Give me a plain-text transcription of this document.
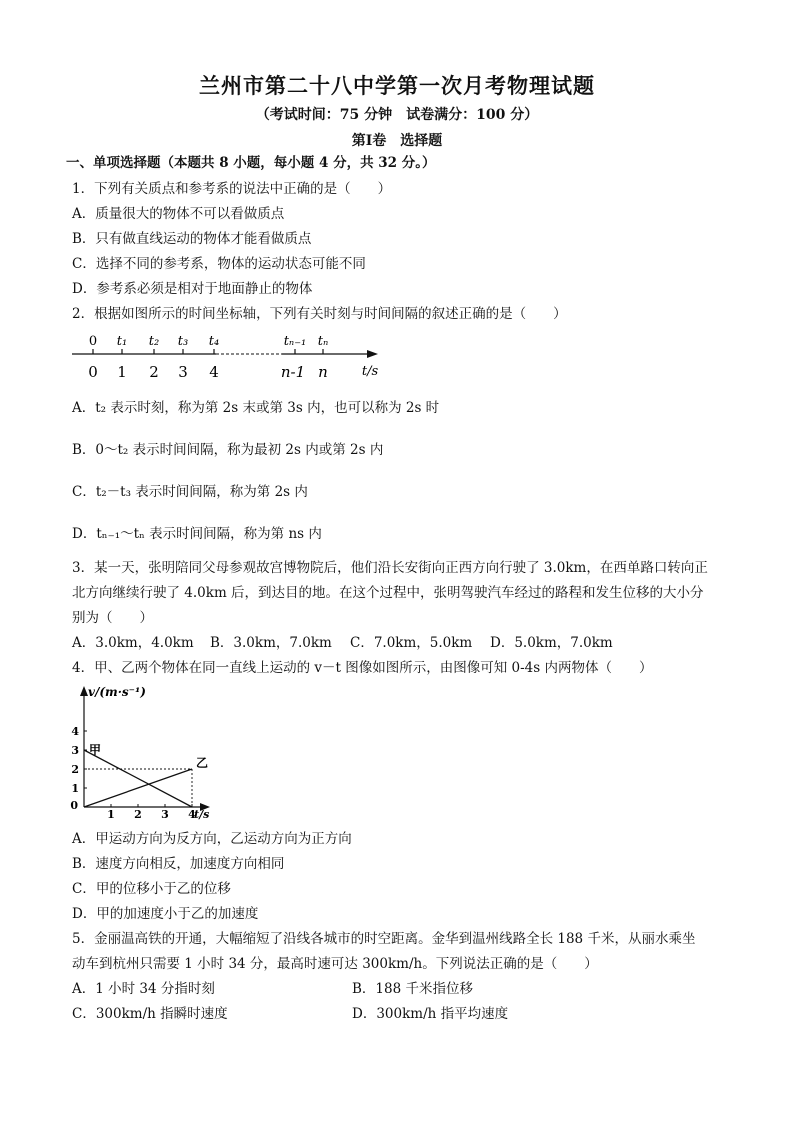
兰州市第二十八中学第一次月考物理试题
（考试时间：75 分钟　试卷满分：100 分）
第Ⅰ卷　选择题
一、单项选择题（本题共 8 小题，每小题 4 分，共 32 分。）
1．下列有关质点和参考系的说法中正确的是（　　）
A．质量很大的物体不可以看做质点
B．只有做直线运动的物体才能看做质点
C．选择不同的参考系，物体的运动状态可能不同
D．参考系必须是相对于地面静止的物体
2．根据如图所示的时间坐标轴，下列有关时刻与时间间隔的叙述正确的是（　　）
0 t₁ t₂ t₃ t₄	tₙ₋₁ tₙ
0 1 2 3 4	n-1 n	t/s
A．t₂ 表示时刻，称为第 2s 末或第 3s 内，也可以称为 2s 时
B．0～t₂ 表示时间间隔，称为最初 2s 内或第 2s 内
C．t₂－t₃ 表示时间间隔，称为第 2s 内
D．tₙ₋₁～tₙ 表示时间间隔，称为第 ns 内
3．某一天，张明陪同父母参观故宫博物院后，他们沿长安街向正西方向行驶了 3.0km，在西单路口转向正
北方向继续行驶了 4.0km 后，到达目的地。在这个过程中，张明驾驶汽车经过的路程和发生位移的大小分
别为（　　）
A．3.0km，4.0km B．3.0km，7.0km C．7.0km，5.0km D．5.0km，7.0km
4．甲、乙两个物体在同一直线上运动的 v－t 图像如图所示，由图像可知 0-4s 内两物体（　　）
v/(m·s⁻¹)
t/s
0
1 2 3 4
1
2
3
4
甲
乙
A．甲运动方向为反方向，乙运动方向为正方向
B．速度方向相反，加速度方向相同
C．甲的位移小于乙的位移
D．甲的加速度小于乙的加速度
5．金丽温高铁的开通，大幅缩短了沿线各城市的时空距离。金华到温州线路全长 188 千米，从丽水乘坐
动车到杭州只需要 1 小时 34 分，最高时速可达 300km/h。下列说法正确的是（　　）
A．1 小时 34 分指时刻	B．188 千米指位移
C．300km/h 指瞬时速度	D．300km/h 指平均速度
